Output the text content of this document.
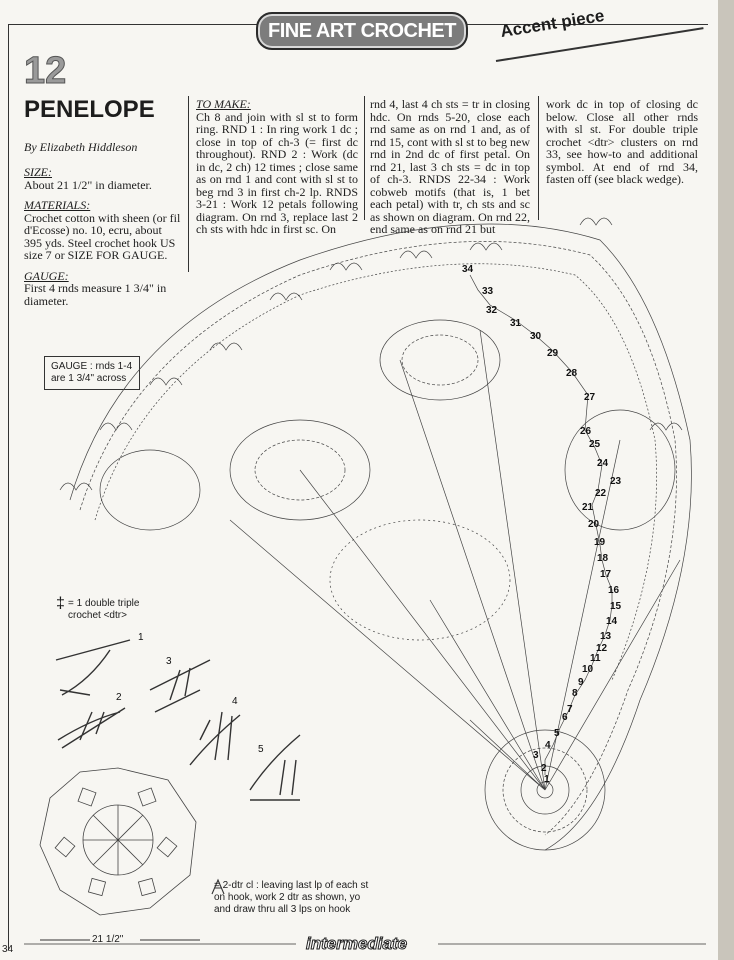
FINE ART CROCHET	Accent piece
12
PENELOPE
By Elizabeth Hiddleson

SIZE:
About 21 1/2" in diameter.

MATERIALS:
Crochet cotton with sheen (or fil d'Ecosse) no. 10, ecru, about 395 yds. Steel crochet hook US size 7 or SIZE FOR GAUGE.

GAUGE:
First 4 rnds measure 1 3/4" in diameter.

TO MAKE:
Ch 8 and join with sl st to form ring. RND 1 : In ring work 1 dc ; close in top of ch-3 (= first dc throughout). RND 2 : Work (dc in dc, 2 ch) 12 times ; close same as on rnd 1 and cont with sl st to beg rnd 3 in first ch-2 lp. RNDS 3-21 : Work 12 petals following diagram. On rnd 3, replace last 2 ch sts with hdc in first sc. On
rnd 4, last 4 ch sts = tr in closing hdc. On rnds 5-20, close each rnd same as on rnd 1 and, as of rnd 15, cont with sl st to beg new rnd in 2nd dc of first petal. On rnd 21, last 3 ch sts = dc in top of ch-3. RNDS 22-34 : Work cobweb motifs (that is, 1 bet each petal) with tr, ch sts and sc as shown on diagram. On rnd 22, end same as on rnd 21 but
work dc in top of closing dc below. Close all other rnds with sl st. For double triple crochet <dtr> clusters on rnd 33, see how-to and additional symbol. At end of rnd 34, fasten off (see black wedge).
GAUGE : rnds 1-4 are 1 3/4" across
34
33
32
31
30
29
28
27
26
25
24
23
22
21
20
19
18
17
16
15
14
13
12
11
10
9
8
7
6
5
4
3
2
1
‡ = 1 double triple crochet <dtr>
1
2
3
4
5
= 2-dtr cl : leaving last lp of each st on hook, work 2 dtr as shown, yo and draw thru all 3 lps on hook
21 1/2"
34	intermediate
